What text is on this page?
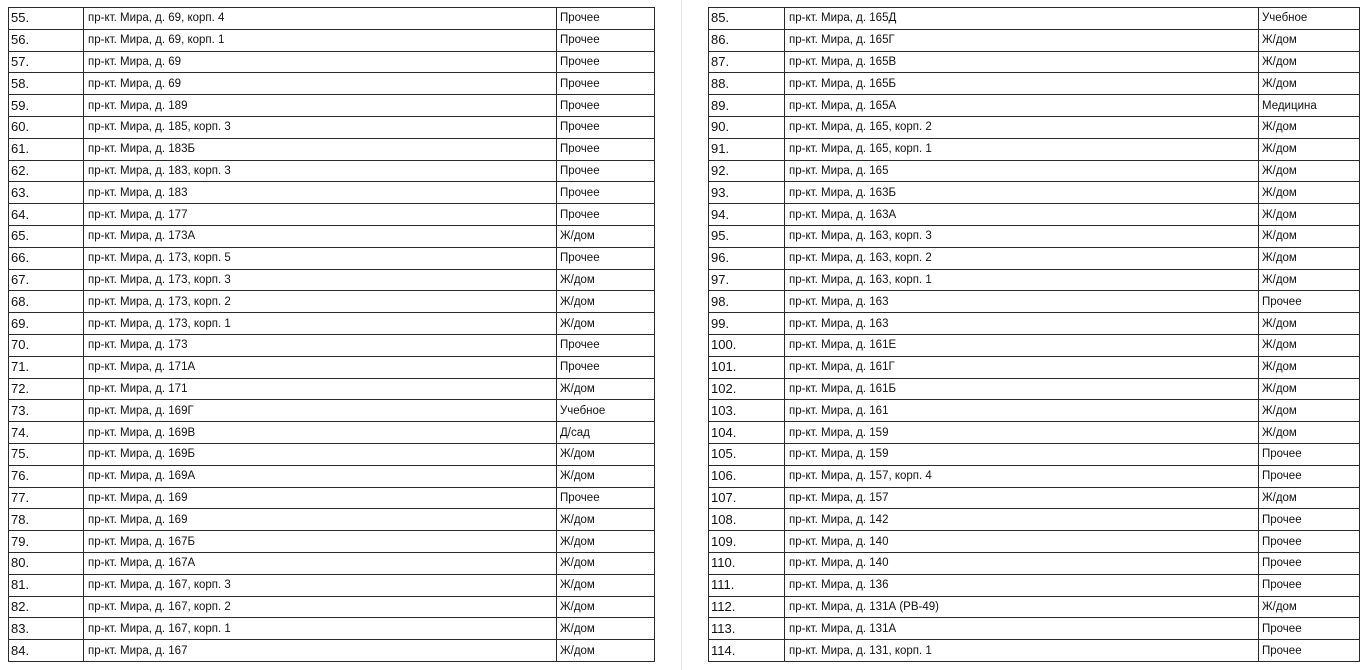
55.	пр-кт. Мира, д. 69, корп. 4	Прочее
56.	пр-кт. Мира, д. 69, корп. 1	Прочее
57.	пр-кт. Мира, д. 69	Прочее
58.	пр-кт. Мира, д. 69	Прочее
59.	пр-кт. Мира, д. 189	Прочее
60.	пр-кт. Мира, д. 185, корп. 3	Прочее
61.	пр-кт. Мира, д. 183Б	Прочее
62.	пр-кт. Мира, д. 183, корп. 3	Прочее
63.	пр-кт. Мира, д. 183	Прочее
64.	пр-кт. Мира, д. 177	Прочее
65.	пр-кт. Мира, д. 173А	Ж/дом
66.	пр-кт. Мира, д. 173, корп. 5	Прочее
67.	пр-кт. Мира, д. 173, корп. 3	Ж/дом
68.	пр-кт. Мира, д. 173, корп. 2	Ж/дом
69.	пр-кт. Мира, д. 173, корп. 1	Ж/дом
70.	пр-кт. Мира, д. 173	Прочее
71.	пр-кт. Мира, д. 171А	Прочее
72.	пр-кт. Мира, д. 171	Ж/дом
73.	пр-кт. Мира, д. 169Г	Учебное
74.	пр-кт. Мира, д. 169В	Д/сад
75.	пр-кт. Мира, д. 169Б	Ж/дом
76.	пр-кт. Мира, д. 169А	Ж/дом
77.	пр-кт. Мира, д. 169	Прочее
78.	пр-кт. Мира, д. 169	Ж/дом
79.	пр-кт. Мира, д. 167Б	Ж/дом
80.	пр-кт. Мира, д. 167А	Ж/дом
81.	пр-кт. Мира, д. 167, корп. 3	Ж/дом
82.	пр-кт. Мира, д. 167, корп. 2	Ж/дом
83.	пр-кт. Мира, д. 167, корп. 1	Ж/дом
84.	пр-кт. Мира, д. 167	Ж/дом
85.	пр-кт. Мира, д. 165Д	Учебное
86.	пр-кт. Мира, д. 165Г	Ж/дом
87.	пр-кт. Мира, д. 165В	Ж/дом
88.	пр-кт. Мира, д. 165Б	Ж/дом
89.	пр-кт. Мира, д. 165А	Медицина
90.	пр-кт. Мира, д. 165, корп. 2	Ж/дом
91.	пр-кт. Мира, д. 165, корп. 1	Ж/дом
92.	пр-кт. Мира, д. 165	Ж/дом
93.	пр-кт. Мира, д. 163Б	Ж/дом
94.	пр-кт. Мира, д. 163А	Ж/дом
95.	пр-кт. Мира, д. 163, корп. 3	Ж/дом
96.	пр-кт. Мира, д. 163, корп. 2	Ж/дом
97.	пр-кт. Мира, д. 163, корп. 1	Ж/дом
98.	пр-кт. Мира, д. 163	Прочее
99.	пр-кт. Мира, д. 163	Ж/дом
100.	пр-кт. Мира, д. 161Е	Ж/дом
101.	пр-кт. Мира, д. 161Г	Ж/дом
102.	пр-кт. Мира, д. 161Б	Ж/дом
103.	пр-кт. Мира, д. 161	Ж/дом
104.	пр-кт. Мира, д. 159	Ж/дом
105.	пр-кт. Мира, д. 159	Прочее
106.	пр-кт. Мира, д. 157, корп. 4	Прочее
107.	пр-кт. Мира, д. 157	Ж/дом
108.	пр-кт. Мира, д. 142	Прочее
109.	пр-кт. Мира, д. 140	Прочее
110.	пр-кт. Мира, д. 140	Прочее
111.	пр-кт. Мира, д. 136	Прочее
112.	пр-кт. Мира, д. 131А (РВ-49)	Ж/дом
113.	пр-кт. Мира, д. 131А	Прочее
114.	пр-кт. Мира, д. 131, корп. 1	Прочее
